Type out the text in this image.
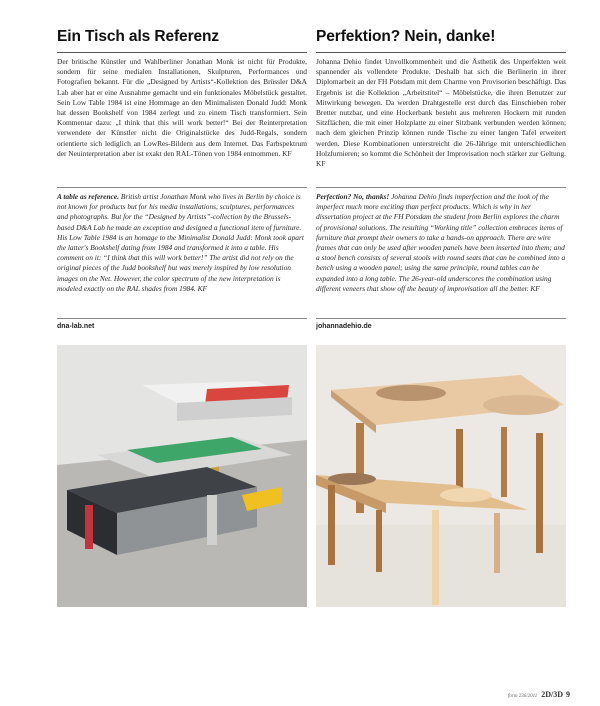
Ein Tisch als Referenz
Der britische Künstler und Wahlberliner Jonathan Monk ist nicht für Produkte, sondern für seine medialen Installationen, Skulpturen, Performances und Fotografien bekannt. Für die „Designed by Artists“-Kollektion des Brüssler D&A Lab aber hat er eine Ausnahme gemacht und ein funktionales Möbelstück gestaltet. Sein Low Table 1984 ist eine Hommage an den Minimalisten Donald Judd: Monk hat dessen Bookshelf von 1984 zerlegt und zu einem Tisch transformiert. Sein Kommentar dazu: „I think that this will work better!“ Bei der Reinterpretation verwendete der Künstler nicht die Originalstücke des Judd-Regals, sondern orientierte sich lediglich an LowRes-Bildern aus dem Internet. Das Farbspektrum der Neuinterpretation aber ist exakt den RAL-Tönen von 1984 entnommen. KF
A table as reference. British artist Jonathan Monk who lives in Berlin by choice is not known for products but for his media installations, sculptures, performances and photographs. But for the “Designed by Artists”-collection by the Brussels-based D&A Lab he made an exception and designed a functional item of furniture. His Low Table 1984 is an homage to the Minimalist Donald Judd: Monk took apart the latter's Bookshelf dating from 1984 and transformed it into a table. His comment on it: “I think that this will work better!” The artist did not rely on the original pieces of the Judd bookshelf but was merely inspired by low resolution images on the Net. However, the color spectrum of the new interpretation is modeled exactly on the RAL shades from 1984. KF
dna-lab.net
Perfektion? Nein, danke!
Johanna Dehio findet Unvollkommenheit und die Ästhetik des Unperfekten weit spannender als vollendete Produkte. Deshalb hat sich die Berlinerin in ihrer Diplomarbeit an der FH Potsdam mit dem Charme von Provisorien beschäftigt. Das Ergebnis ist die Kollektion „Arbeitstitel“ – Möbelstücke, die ihren Benutzer zur Mitwirkung bewegen. Da werden Drahtgestelle erst durch das Einschieben roher Bretter nutzbar, und eine Hockerbank besteht aus mehreren Hockern mit runden Sitzflächen, die mit einer Holzplatte zu einer Sitzbank verbunden werden können; nach dem gleichen Prinzip können runde Tische zu einer langen Tafel erweitert werden. Diese Kombinationen unterstreicht die 26-Jährige mit unterschiedlichen Holzfurnieren; so kommt die Schönheit der Improvisation noch stärker zur Geltung. KF
Perfection? No, thanks! Johanna Dehio finds imperfection and the look of the imperfect much more exciting than perfect products. Which is why in her dissertation project at the FH Potsdam the student from Berlin explores the charm of provisional solutions. The resulting “Working title” collection embraces items of furniture that prompt their owners to take a hands-on approach. There are wire frames that can only be used after wooden panels have been inserted into them; and a stool bench consists of several stools with round seats that can be combined into a bench using a wooden panel; using the same principle, round tables can be expanded into a long table. The 26-year-old underscores the combination using different veneers that show off the beauty of improvisation all the better. KF
johannadehio.de
form 236/2011 2D/3D 9
